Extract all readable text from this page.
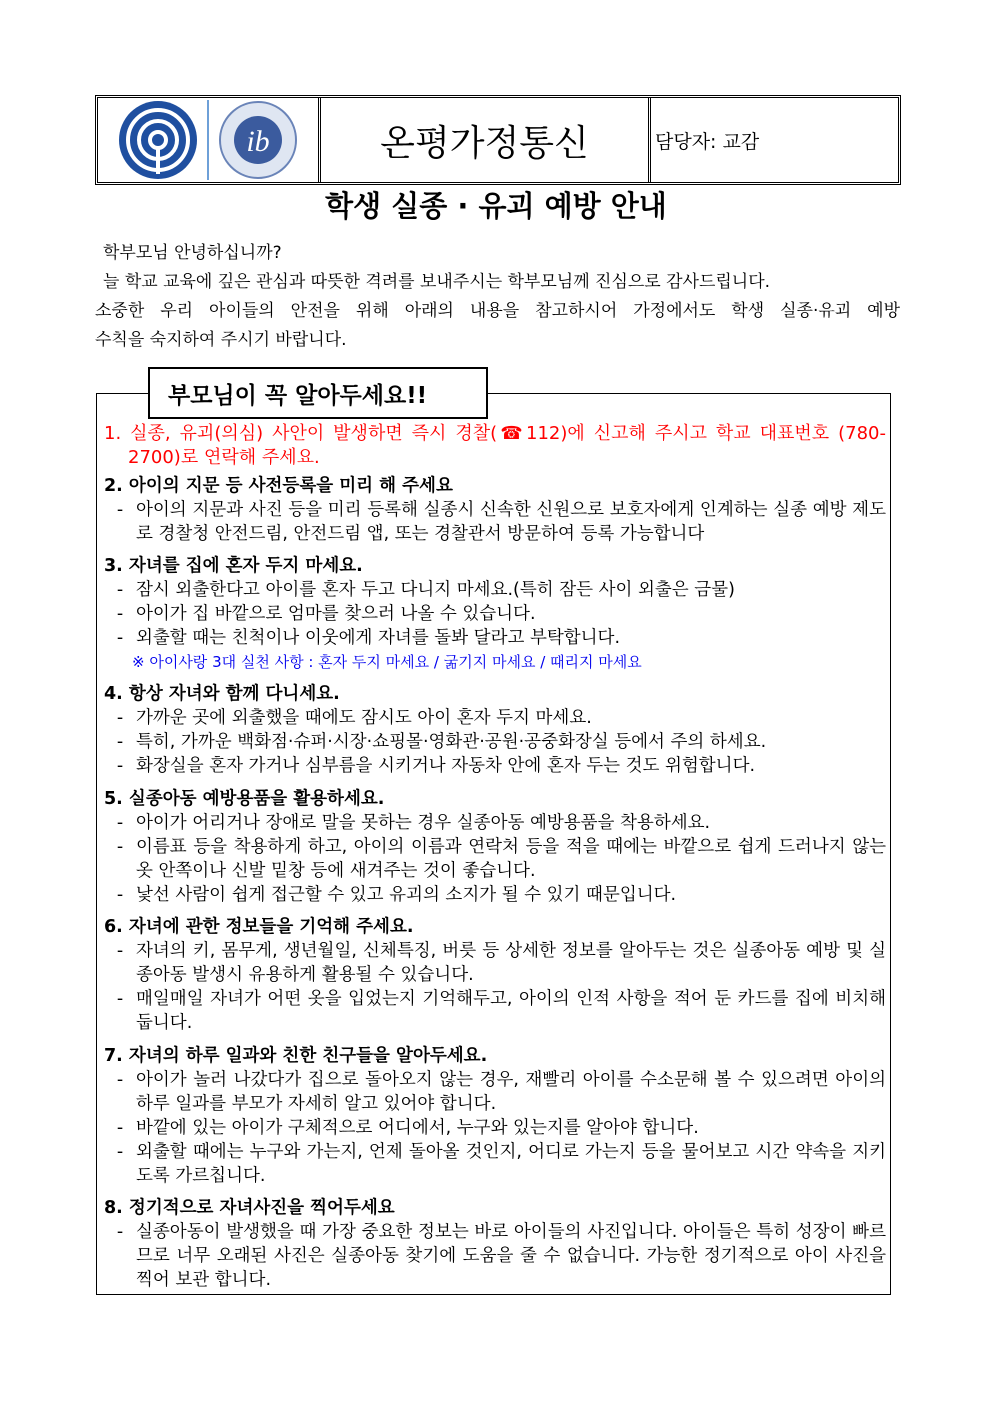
ib	온평가정통신	담당자: 교감
학생 실종 · 유괴 예방 안내
학부모님 안녕하십니까?
늘 학교 교육에 깊은 관심과 따뜻한 격려를 보내주시는 학부모님께 진심으로 감사드립니다.
소중한 우리 아이들의 안전을 위해 아래의 내용을 참고하시어 가정에서도 학생 실종·유괴 예방
수칙을 숙지하여 주시기 바랍니다.
부모님이 꼭 알아두세요!!
1. 실종, 유괴(의심) 사안이 발생하면 즉시 경찰(☎112)에 신고해 주시고 학교 대표번호 (780-2700)로 연락해 주세요.
2. 아이의 지문 등 사전등록을 미리 해 주세요
- 아이의 지문과 사진 등을 미리 등록해 실종시 신속한 신원으로 보호자에게 인계하는 실종 예방 제도로 경찰청 안전드림, 안전드림 앱, 또는 경찰관서 방문하여 등록 가능합니다
3. 자녀를 집에 혼자 두지 마세요.
- 잠시 외출한다고 아이를 혼자 두고 다니지 마세요.(특히 잠든 사이 외출은 금물)
- 아이가 집 바깥으로 엄마를 찾으러 나올 수 있습니다.
- 외출할 때는 친척이나 이웃에게 자녀를 돌봐 달라고 부탁합니다.
※ 아이사랑 3대 실천 사항 : 혼자 두지 마세요 / 굶기지 마세요 / 때리지 마세요
4. 항상 자녀와 함께 다니세요.
- 가까운 곳에 외출했을 때에도 잠시도 아이 혼자 두지 마세요.
- 특히, 가까운 백화점·슈퍼·시장·쇼핑몰·영화관·공원·공중화장실 등에서 주의 하세요.
- 화장실을 혼자 가거나 심부름을 시키거나 자동차 안에 혼자 두는 것도 위험합니다.
5. 실종아동 예방용품을 활용하세요.
- 아이가 어리거나 장애로 말을 못하는 경우 실종아동 예방용품을 착용하세요.
- 이름표 등을 착용하게 하고, 아이의 이름과 연락처 등을 적을 때에는 바깥으로 쉽게 드러나지 않는 옷 안쪽이나 신발 밑창 등에 새겨주는 것이 좋습니다.
- 낯선 사람이 쉽게 접근할 수 있고 유괴의 소지가 될 수 있기 때문입니다.
6. 자녀에 관한 정보들을 기억해 주세요.
- 자녀의 키, 몸무게, 생년월일, 신체특징, 버릇 등 상세한 정보를 알아두는 것은 실종아동 예방 및 실종아동 발생시 유용하게 활용될 수 있습니다.
- 매일매일 자녀가 어떤 옷을 입었는지 기억해두고, 아이의 인적 사항을 적어 둔 카드를 집에 비치해 둡니다.
7. 자녀의 하루 일과와 친한 친구들을 알아두세요.
- 아이가 놀러 나갔다가 집으로 돌아오지 않는 경우, 재빨리 아이를 수소문해 볼 수 있으려면 아이의 하루 일과를 부모가 자세히 알고 있어야 합니다.
- 바깥에 있는 아이가 구체적으로 어디에서, 누구와 있는지를 알아야 합니다.
- 외출할 때에는 누구와 가는지, 언제 돌아올 것인지, 어디로 가는지 등을 물어보고 시간 약속을 지키도록 가르칩니다.
8. 정기적으로 자녀사진을 찍어두세요
- 실종아동이 발생했을 때 가장 중요한 정보는 바로 아이들의 사진입니다. 아이들은 특히 성장이 빠르므로 너무 오래된 사진은 실종아동 찾기에 도움을 줄 수 없습니다. 가능한 정기적으로 아이 사진을 찍어 보관 합니다.
